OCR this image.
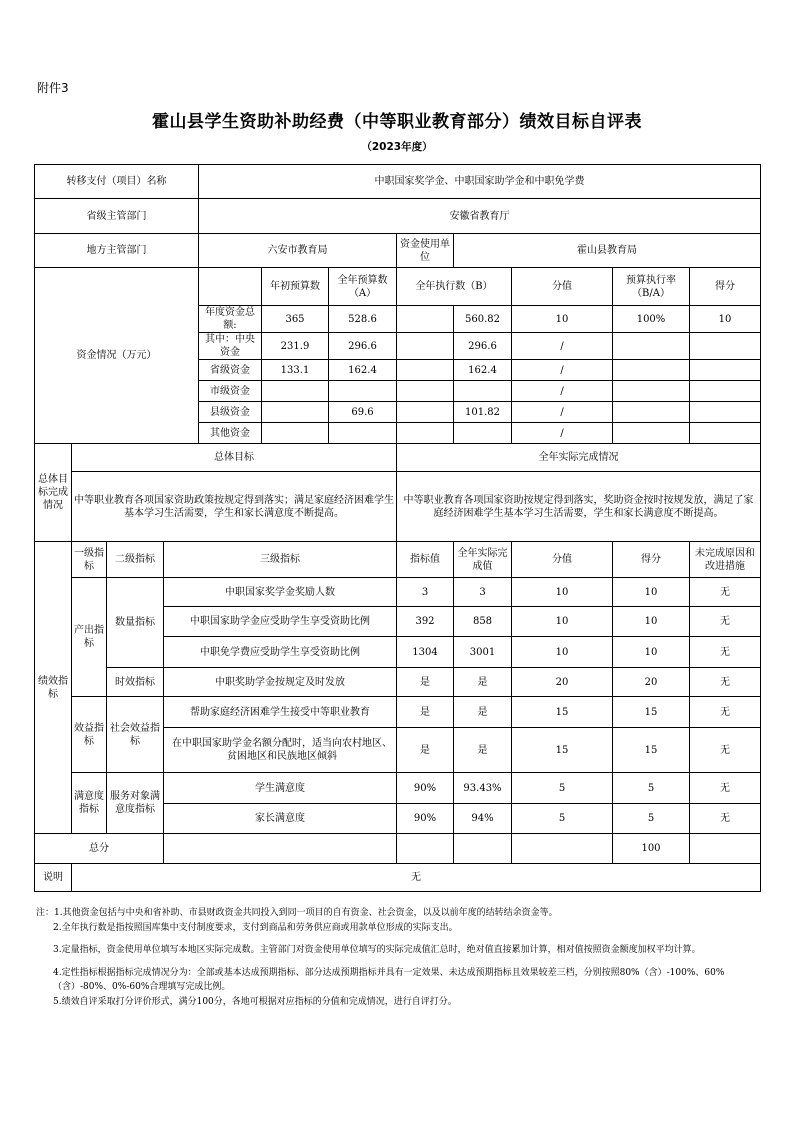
附件3
霍山县学生资助补助经费（中等职业教育部分）绩效目标自评表
（2023年度）
转移支付（项目）名称				中职国家奖学金、中职国家助学金和中职免学费							
省级主管部门				安徽省教育厅							
地方主管部门				六安市教育局			资金使用单位	霍山县教育局			
资金情况（万元）					年初预算数	全年预算数（A）	全年执行数（B）		分值	预算执行率（B/A）	得分
				年度资金总额:	365	528.6		560.82	10	100%	10
				其中：中央资金	231.9	296.6		296.6	/		
				省级资金	133.1	162.4		162.4	/		
				市级资金					/		

				县级资金		69.6		101.82	/		
				其他资金					/		
总体目标完成情况	总体目标						全年实际完成情况				
	中等职业教育各项国家资助政策按规定得到落实；满足家庭经济困难学生基本学习生活需要，学生和家长满意度不断提高。						中等职业教育各项国家资助按规定得到落实，奖助资金按时按规发放，满足了家庭经济困难学生基本学习生活需要，学生和家长满意度不断提高。				
绩效指标	一级指标	二级指标	三级指标				指标值	全年实际完成值	分值	得分	未完成原因和改进措施
	产出指标	数量指标	中职国家奖学金奖励人数				3	3	10	10	无
			中职国家助学金应受助学生享受资助比例				392	858	10	10	无
			中职免学费应受助学生享受资助比例				1304	3001	10	10	无
		时效指标	中职奖助学金按规定及时发放				是	是	20	20	无
	效益指标	社会效益指标	帮助家庭经济困难学生接受中等职业教育				是	是	15	15	无
			在中职国家助学金名额分配时，适当向农村地区、贫困地区和民族地区倾斜				是	是	15	15	无
	满意度指标	服务对象满意度指标	学生满意度				90%	93.43%	5	5	无
			家长满意度				90%	94%	5	5	无
总分										100	
说明	无										

注：1.其他资金包括与中央和省补助、市县财政资金共同投入到同一项目的自有资金、社会资金，以及以前年度的结转结余资金等。

2.全年执行数是指按照国库集中支付制度要求，支付到商品和劳务供应商或用款单位形成的实际支出。

3.定量指标，资金使用单位填写本地区实际完成数。主管部门对资金使用单位填写的实际完成值汇总时，绝对值直接累加计算，相对值按照资金额度加权平均计算。

4.定性指标根据指标完成情况分为：全部或基本达成预期指标、部分达成预期指标并具有一定效果、未达成预期指标且效果较差三档，分别按照80%（含）-100%、60%（含）-80%、0%-60%合理填写完成比例。

5.绩效自评采取打分评价形式，满分100分，各地可根据对应指标的分值和完成情况，进行自评打分。
